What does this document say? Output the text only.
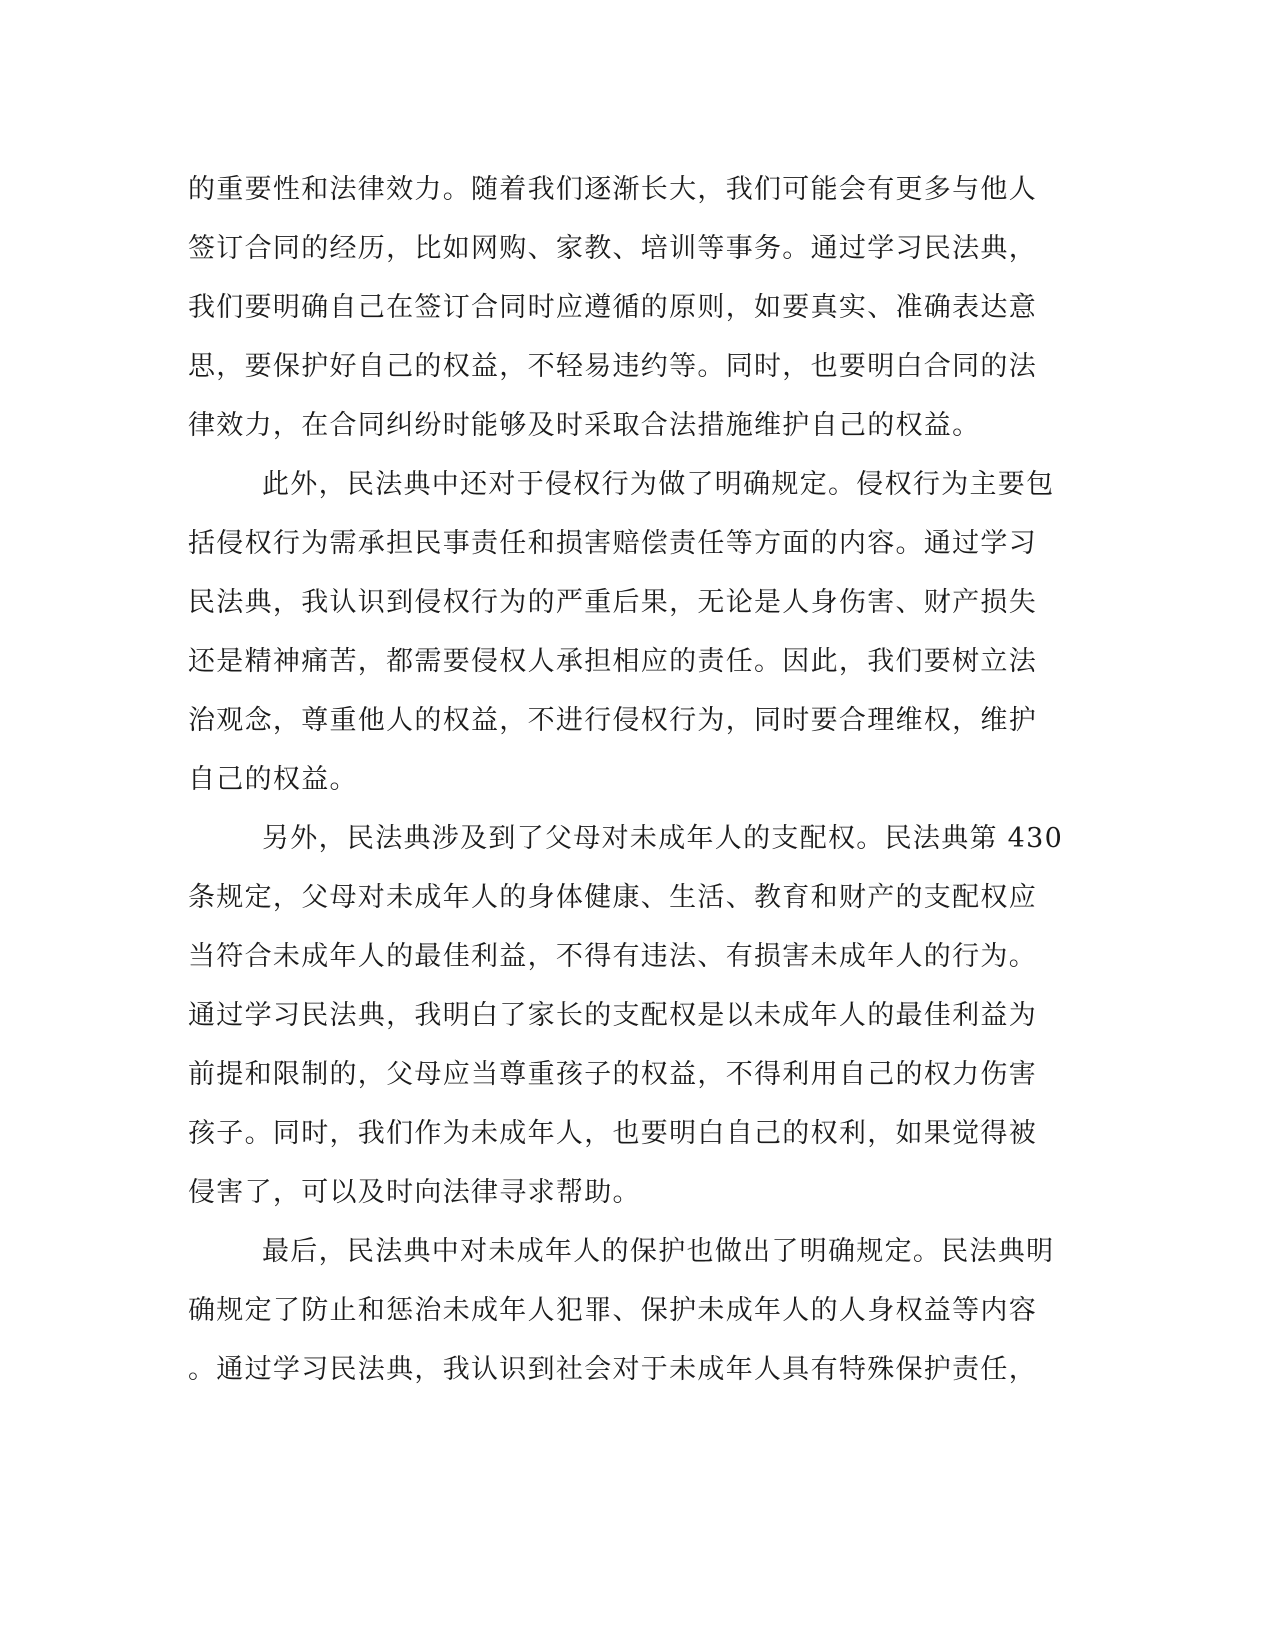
的重要性和法律效力。随着我们逐渐长大，我们可能会有更多与他人
签订合同的经历，比如网购、家教、培训等事务。通过学习民法典，
我们要明确自己在签订合同时应遵循的原则，如要真实、准确表达意
思，要保护好自己的权益，不轻易违约等。同时，也要明白合同的法
律效力，在合同纠纷时能够及时采取合法措施维护自己的权益。
此外，民法典中还对于侵权行为做了明确规定。侵权行为主要包
括侵权行为需承担民事责任和损害赔偿责任等方面的内容。通过学习
民法典，我认识到侵权行为的严重后果，无论是人身伤害、财产损失
还是精神痛苦，都需要侵权人承担相应的责任。因此，我们要树立法
治观念，尊重他人的权益，不进行侵权行为，同时要合理维权，维护
自己的权益。
另外，民法典涉及到了父母对未成年人的支配权。民法典第 430
条规定，父母对未成年人的身体健康、生活、教育和财产的支配权应
当符合未成年人的最佳利益，不得有违法、有损害未成年人的行为。
通过学习民法典，我明白了家长的支配权是以未成年人的最佳利益为
前提和限制的，父母应当尊重孩子的权益，不得利用自己的权力伤害
孩子。同时，我们作为未成年人，也要明白自己的权利，如果觉得被
侵害了，可以及时向法律寻求帮助。
最后，民法典中对未成年人的保护也做出了明确规定。民法典明
确规定了防止和惩治未成年人犯罪、保护未成年人的人身权益等内容
。通过学习民法典，我认识到社会对于未成年人具有特殊保护责任，
